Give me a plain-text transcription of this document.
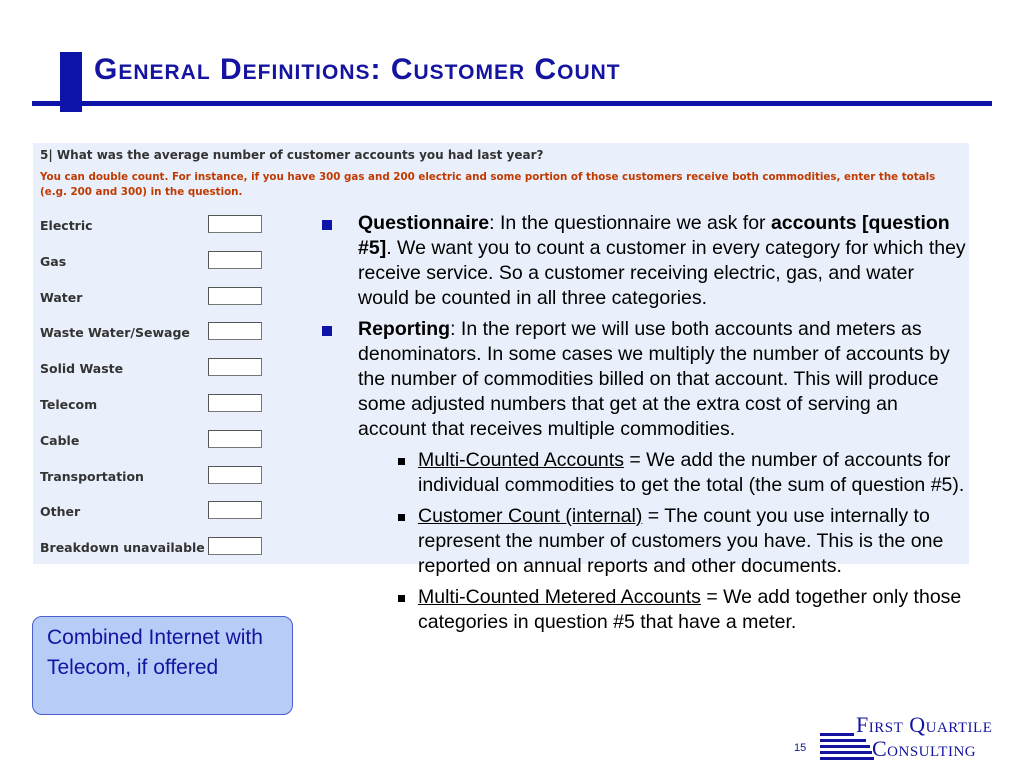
General Definitions: Customer Count
5| What was the average number of customer accounts you had last year?
You can double count. For instance, if you have 300 gas and 200 electric and some portion of those customers receive both commodities, enter the totals (e.g. 200 and 300) in the question.
Electric
Gas
Water
Waste Water/Sewage
Solid Waste
Telecom
Cable
Transportation
Other
Breakdown unavailable
Questionnaire: In the questionnaire we ask for accounts [question #5]. We want you to count a customer in every category for which they receive service. So a customer receiving electric, gas, and water would be counted in all three categories.
Reporting: In the report we will use both accounts and meters as denominators. In some cases we multiply the number of accounts by the number of commodities billed on that account. This will produce some adjusted numbers that get at the extra cost of serving an account that receives multiple commodities.
Multi-Counted Accounts = We add the number of accounts for individual commodities to get the total (the sum of question #5).
Customer Count (internal) = The count you use internally to represent the number of customers you have. This is the one reported on annual reports and other documents.
Multi-Counted Metered Accounts = We add together only those categories in question #5 that have a meter.
Combined Internet with Telecom, if offered
15
First Quartile
Consulting
